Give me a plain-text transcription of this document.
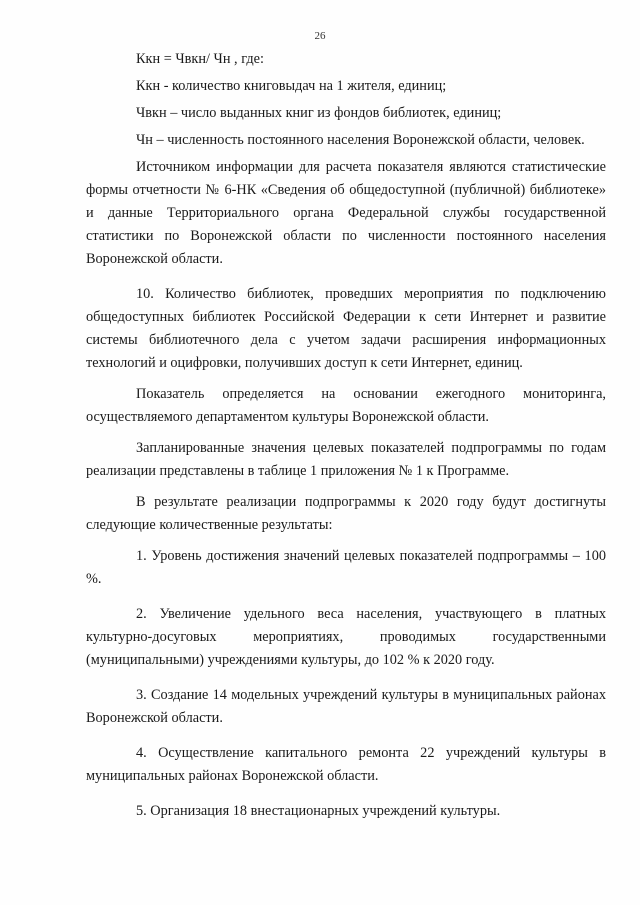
26

Ккн = Чвкн/ Чн , где:

Ккн - количество книговыдач на 1 жителя, единиц;

Чвкн – число выданных книг из фондов библиотек, единиц;

Чн – численность постоянного населения Воронежской области, человек.

Источником информации для расчета показателя являются статистические формы отчетности № 6-НК «Сведения об общедоступной (публичной) библиотеке» и данные Территориального органа Федеральной службы государственной статистики по Воронежской области по численности постоянного населения Воронежской области.

10. Количество библиотек, проведших мероприятия по подключению общедоступных библиотек Российской Федерации к сети Интернет и развитие системы библиотечного дела с учетом задачи расширения информационных технологий и оцифровки, получивших доступ к сети Интернет, единиц.

Показатель определяется на основании ежегодного мониторинга, осуществляемого департаментом культуры Воронежской области.

Запланированные значения целевых показателей подпрограммы по годам реализации представлены в таблице 1 приложения № 1 к Программе.

В результате реализации подпрограммы к 2020 году будут достигнуты следующие количественные результаты:

1. Уровень достижения значений целевых показателей подпрограммы – 100 %.

2. Увеличение удельного веса населения, участвующего в платных культурно-досуговых мероприятиях, проводимых государственными (муниципальными) учреждениями культуры, до 102 % к 2020 году.

3. Создание 14 модельных учреждений культуры в муниципальных районах Воронежской области.

4. Осуществление капитального ремонта 22 учреждений культуры в муниципальных районах Воронежской области.

5. Организация 18 внестационарных учреждений культуры.
